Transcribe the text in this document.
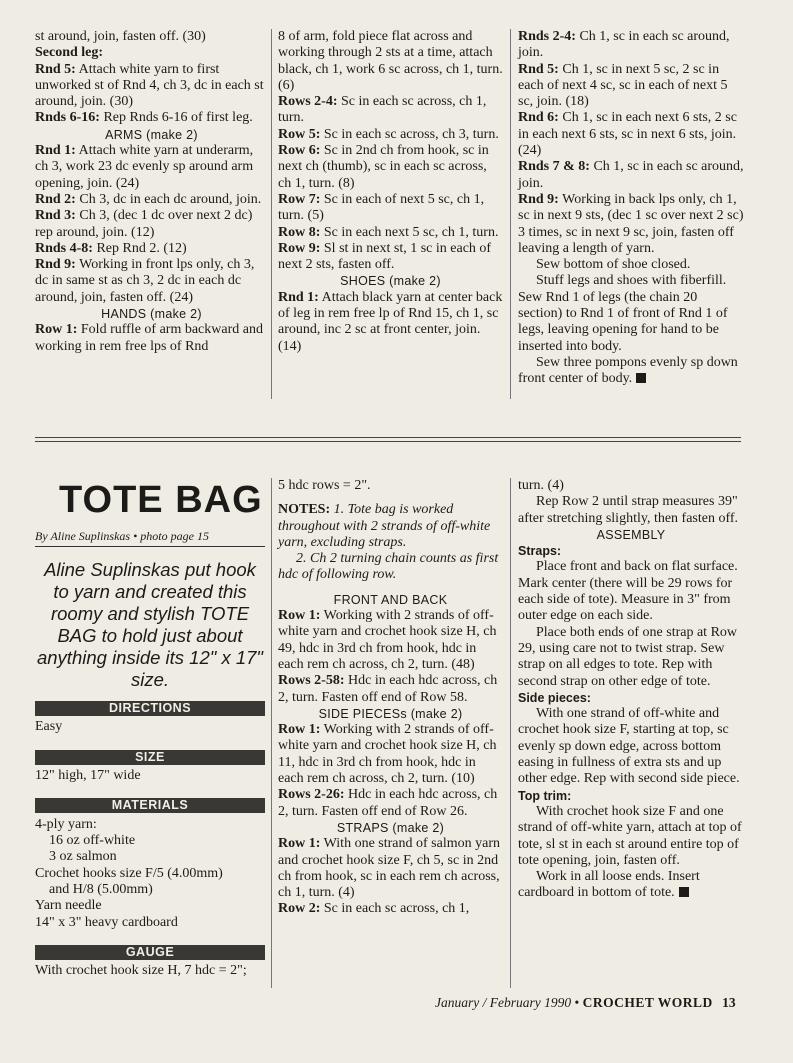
st around, join, fasten off. (30)

Second leg:

Rnd 5: Attach white yarn to first unworked st of Rnd 4, ch 3, dc in each st around, join. (30)

Rnds 6-16: Rep Rnds 6-16 of first leg.

ARMS (make 2)

Rnd 1: Attach white yarn at underarm, ch 3, work 23 dc evenly sp around arm opening, join. (24)

Rnd 2: Ch 3, dc in each dc around, join.

Rnd 3: Ch 3, (dec 1 dc over next 2 dc) rep around, join. (12)

Rnds 4-8: Rep Rnd 2. (12)

Rnd 9: Working in front lps only, ch 3, dc in same st as ch 3, 2 dc in each dc around, join, fasten off. (24)

HANDS (make 2)

Row 1: Fold ruffle of arm backward and working in rem free lps of Rnd

8 of arm, fold piece flat across and working through 2 sts at a time, attach black, ch 1, work 6 sc across, ch 1, turn. (6)

Rows 2-4: Sc in each sc across, ch 1, turn.

Row 5: Sc in each sc across, ch 3, turn.

Row 6: Sc in 2nd ch from hook, sc in next ch (thumb), sc in each sc across, ch 1, turn. (8)

Row 7: Sc in each of next 5 sc, ch 1, turn. (5)

Row 8: Sc in each next 5 sc, ch 1, turn.

Row 9: Sl st in next st, 1 sc in each of next 2 sts, fasten off.

SHOES (make 2)

Rnd 1: Attach black yarn at center back of leg in rem free lp of Rnd 15, ch 1, sc around, inc 2 sc at front center, join. (14)

Rnds 2-4: Ch 1, sc in each sc around, join.

Rnd 5: Ch 1, sc in next 5 sc, 2 sc in each of next 4 sc, sc in each of next 5 sc, join. (18)

Rnd 6: Ch 1, sc in each next 6 sts, 2 sc in each next 6 sts, sc in next 6 sts, join. (24)

Rnds 7 & 8: Ch 1, sc in each sc around, join.

Rnd 9: Working in back lps only, ch 1, sc in next 9 sts, (dec 1 sc over next 2 sc) 3 times, sc in next 9 sc, join, fasten off leaving a length of yarn.

Sew bottom of shoe closed.

Stuff legs and shoes with fiberfill. Sew Rnd 1 of legs (the chain 20 section) to Rnd 1 of front of Rnd 1 of legs, leaving opening for hand to be inserted into body.

Sew three pompons evenly sp down front center of body.

TOTE BAG
By Aline Suplinskas • photo page 15
Aline Suplinskas put hook to yarn and created this roomy and stylish TOTE BAG to hold just about anything inside its 12" x 17" size.
DIRECTIONS

Easy

SIZE

12" high, 17" wide

MATERIALS

4-ply yarn:

16 oz off-white

3 oz salmon

Crochet hooks size F/5 (4.00mm)

and H/8 (5.00mm)

Yarn needle

14" x 3" heavy cardboard

GAUGE

With crochet hook size H, 7 hdc = 2";

5 hdc rows = 2".

NOTES: 1. Tote bag is worked throughout with 2 strands of off-white yarn, excluding straps.

2. Ch 2 turning chain counts as first hdc of following row.

FRONT AND BACK

Row 1: Working with 2 strands of off-white yarn and crochet hook size H, ch 49, hdc in 3rd ch from hook, hdc in each rem ch across, ch 2, turn. (48)

Rows 2-58: Hdc in each hdc across, ch 2, turn. Fasten off end of Row 58.

SIDE PIECESs (make 2)

Row 1: Working with 2 strands of off-white yarn and crochet hook size H, ch 11, hdc in 3rd ch from hook, hdc in each rem ch across, ch 2, turn. (10)

Rows 2-26: Hdc in each hdc across, ch 2, turn. Fasten off end of Row 26.

STRAPS (make 2)

Row 1: With one strand of salmon yarn and crochet hook size F, ch 5, sc in 2nd ch from hook, sc in each rem ch across, ch 1, turn. (4)

Row 2: Sc in each sc across, ch 1,

turn. (4)

Rep Row 2 until strap measures 39" after stretching slightly, then fasten off.

ASSEMBLY

Straps:

Place front and back on flat surface. Mark center (there will be 29 rows for each side of tote). Measure in 3" from outer edge on each side.

Place both ends of one strap at Row 29, using care not to twist strap. Sew strap on all edges to tote. Rep with second strap on other edge of tote.

Side pieces:

With one strand of off-white and crochet hook size F, starting at top, sc evenly sp down edge, across bottom easing in fullness of extra sts and up other edge. Rep with second side piece.

Top trim:

With crochet hook size F and one strand of off-white yarn, attach at top of tote, sl st in each st around entire top of tote opening, join, fasten off.

Work in all loose ends. Insert cardboard in bottom of tote.

January / February 1990 • CROCHET WORLD 13
